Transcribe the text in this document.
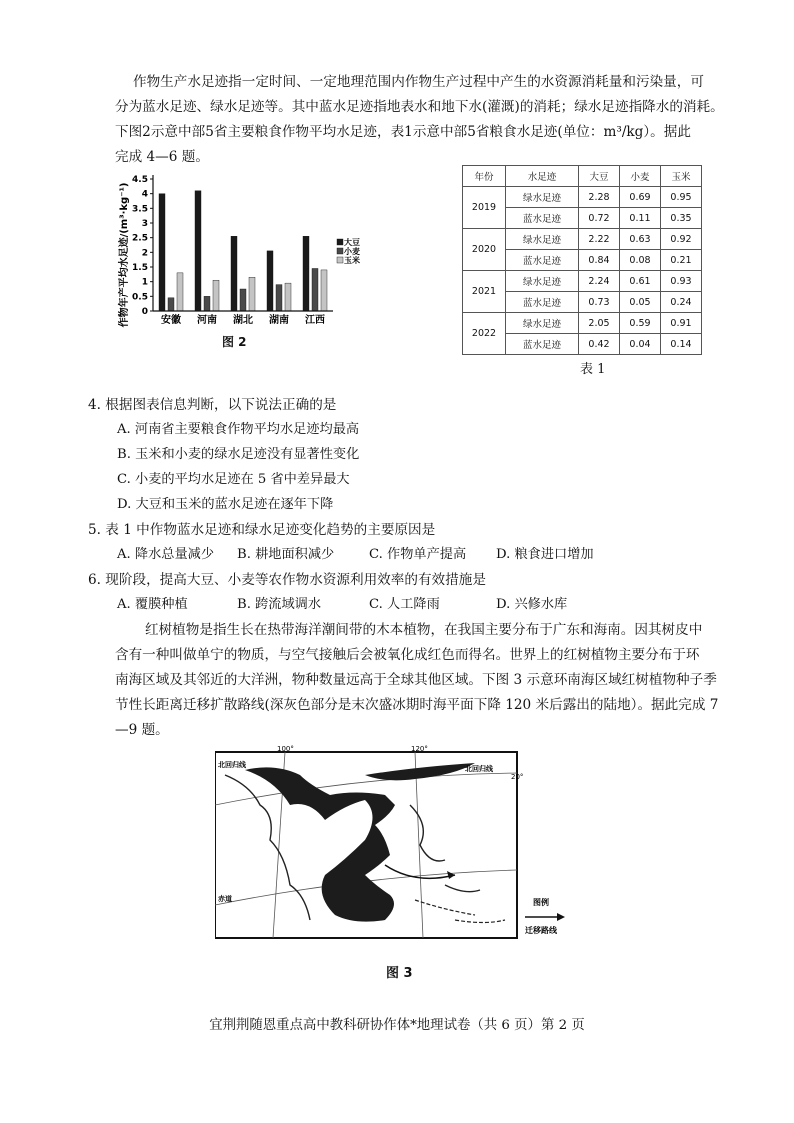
作物生产水足迹指一定时间、一定地理范围内作物生产过程中产生的水资源消耗量和污染量，可
分为蓝水足迹、绿水足迹等。其中蓝水足迹指地表水和地下水(灌溉)的消耗；绿水足迹指降水的消耗。
下图2示意中部5省主要粮食作物平均水足迹，表1示意中部5省粮食水足迹(单位：m³/kg）。据此
完成 4—6 题。
0
0.5
1
1.5
2
2.5
3
3.5
4
4.5
安徽 河南 湖北 湖南 江西
大豆
小麦
玉米
作物年产平均水足迹/(m³·kg⁻¹)
图 2
年份	水足迹	大豆	小麦	玉米
2019	绿水足迹	2.28	0.69	0.95
	蓝水足迹	0.72	0.11	0.35
2020	绿水足迹	2.22	0.63	0.92
	蓝水足迹	0.84	0.08	0.21
2021	绿水足迹	2.24	0.61	0.93
	蓝水足迹	0.73	0.05	0.24
2022	绿水足迹	2.05	0.59	0.91
	蓝水足迹	0.42	0.04	0.14
表 1
4. 根据图表信息判断，以下说法正确的是
A. 河南省主要粮食作物平均水足迹均最高
B. 玉米和小麦的绿水足迹没有显著性变化
C. 小麦的平均水足迹在 5 省中差异最大
D. 大豆和玉米的蓝水足迹在逐年下降
5. 表 1 中作物蓝水足迹和绿水足迹变化趋势的主要原因是
A. 降水总量减少 B. 耕地面积减少	C. 作物单产提高 D. 粮食进口增加
6. 现阶段，提高大豆、小麦等农作物水资源利用效率的有效措施是
A. 覆膜种植	B. 跨流域调水	C. 人工降雨	D. 兴修水库
红树植物是指生长在热带海洋潮间带的木本植物，在我国主要分布于广东和海南。因其树皮中
含有一种叫做单宁的物质，与空气接触后会被氧化成红色而得名。世界上的红树植物主要分布于环
南海区域及其邻近的大洋洲，物种数量远高于全球其他区域。下图 3 示意环南海区域红树植物种子季
节性长距离迁移扩散路线(深灰色部分是末次盛冰期时海平面下降 120 米后露出的陆地）。据此完成 7
—9 题。
100°	120°
20°
北回归线	北回归线
赤道	图例
迁移路线
图 3
宜荆荆随恩重点高中教科研协作体*地理试卷（共 6 页）第 2 页
